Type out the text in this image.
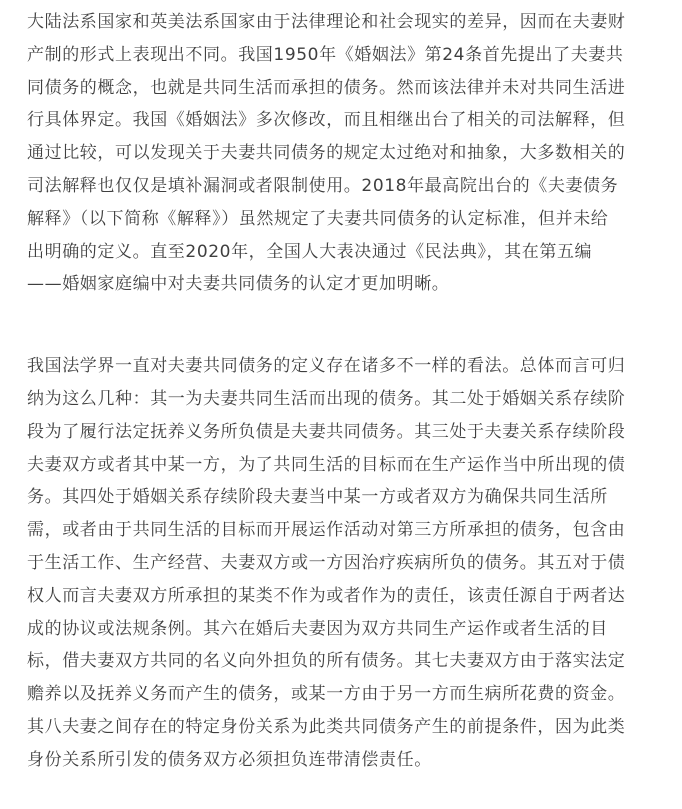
大陆法系国家和英美法系国家由于法律理论和社会现实的差异，因而在夫妻财
产制的形式上表现出不同。我国1950年《婚姻法》第24条首先提出了夫妻共
同债务的概念，也就是共同生活而承担的债务。然而该法律并未对共同生活进
行具体界定。我国《婚姻法》多次修改，而且相继出台了相关的司法解释，但
通过比较，可以发现关于夫妻共同债务的规定太过绝对和抽象，大多数相关的
司法解释也仅仅是填补漏洞或者限制使用。2018年最高院出台的《夫妻债务
解释》（以下简称《解释》）虽然规定了夫妻共同债务的认定标准，但并未给
出明确的定义。直至2020年，全国人大表决通过《民法典》，其在第五编
——婚姻家庭编中对夫妻共同债务的认定才更加明晰。
我国法学界一直对夫妻共同债务的定义存在诸多不一样的看法。总体而言可归
纳为这么几种：其一为夫妻共同生活而出现的债务。其二处于婚姻关系存续阶
段为了履行法定抚养义务所负债是夫妻共同债务。其三处于夫妻关系存续阶段
夫妻双方或者其中某一方，为了共同生活的目标而在生产运作当中所出现的债
务。其四处于婚姻关系存续阶段夫妻当中某一方或者双方为确保共同生活所
需，或者由于共同生活的目标而开展运作活动对第三方所承担的债务，包含由
于生活工作、生产经营、夫妻双方或一方因治疗疾病所负的债务。其五对于债
权人而言夫妻双方所承担的某类不作为或者作为的责任，该责任源自于两者达
成的协议或法规条例。其六在婚后夫妻因为双方共同生产运作或者生活的目
标，借夫妻双方共同的名义向外担负的所有债务。其七夫妻双方由于落实法定
赡养以及抚养义务而产生的债务，或某一方由于另一方而生病所花费的资金。
其八夫妻之间存在的特定身份关系为此类共同债务产生的前提条件，因为此类
身份关系所引发的债务双方必须担负连带清偿责任。
